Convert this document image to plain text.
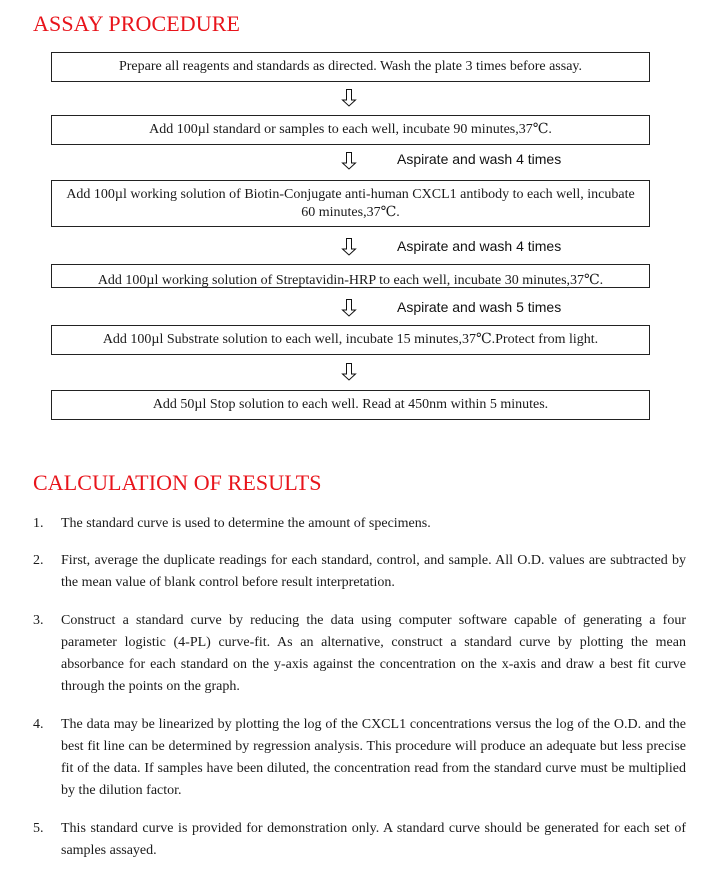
ASSAY PROCEDURE
Prepare all reagents and standards as directed. Wash the plate 3 times before assay.
Add 100µl standard or samples to each well, incubate 90 minutes,37℃.
Aspirate and wash 4 times
Add 100µl working solution of Biotin-Conjugate anti-human CXCL1 antibody to each well, incubate 60 minutes,37℃.
Aspirate and wash 4 times
Add 100µl working solution of Streptavidin-HRP to each well, incubate 30 minutes,37℃.
Aspirate and wash 5 times
Add 100µl Substrate solution to each well, incubate 15 minutes,37℃.Protect from light.
Add 50µl Stop solution to each well. Read at 450nm within 5 minutes.
CALCULATION OF RESULTS
1. The standard curve is used to determine the amount of specimens.
2. First, average the duplicate readings for each standard, control, and sample. All O.D. values are subtracted by the mean value of blank control before result interpretation.
3. Construct a standard curve by reducing the data using computer software capable of generating a four parameter logistic (4-PL) curve-fit. As an alternative, construct a standard curve by plotting the mean absorbance for each standard on the y-axis against the concentration on the x-axis and draw a best fit curve through the points on the graph.
4. The data may be linearized by plotting the log of the CXCL1 concentrations versus the log of the O.D. and the best fit line can be determined by regression analysis. This procedure will produce an adequate but less precise fit of the data. If samples have been diluted, the concentration read from the standard curve must be multiplied by the dilution factor.
5. This standard curve is provided for demonstration only. A standard curve should be generated for each set of samples assayed.
